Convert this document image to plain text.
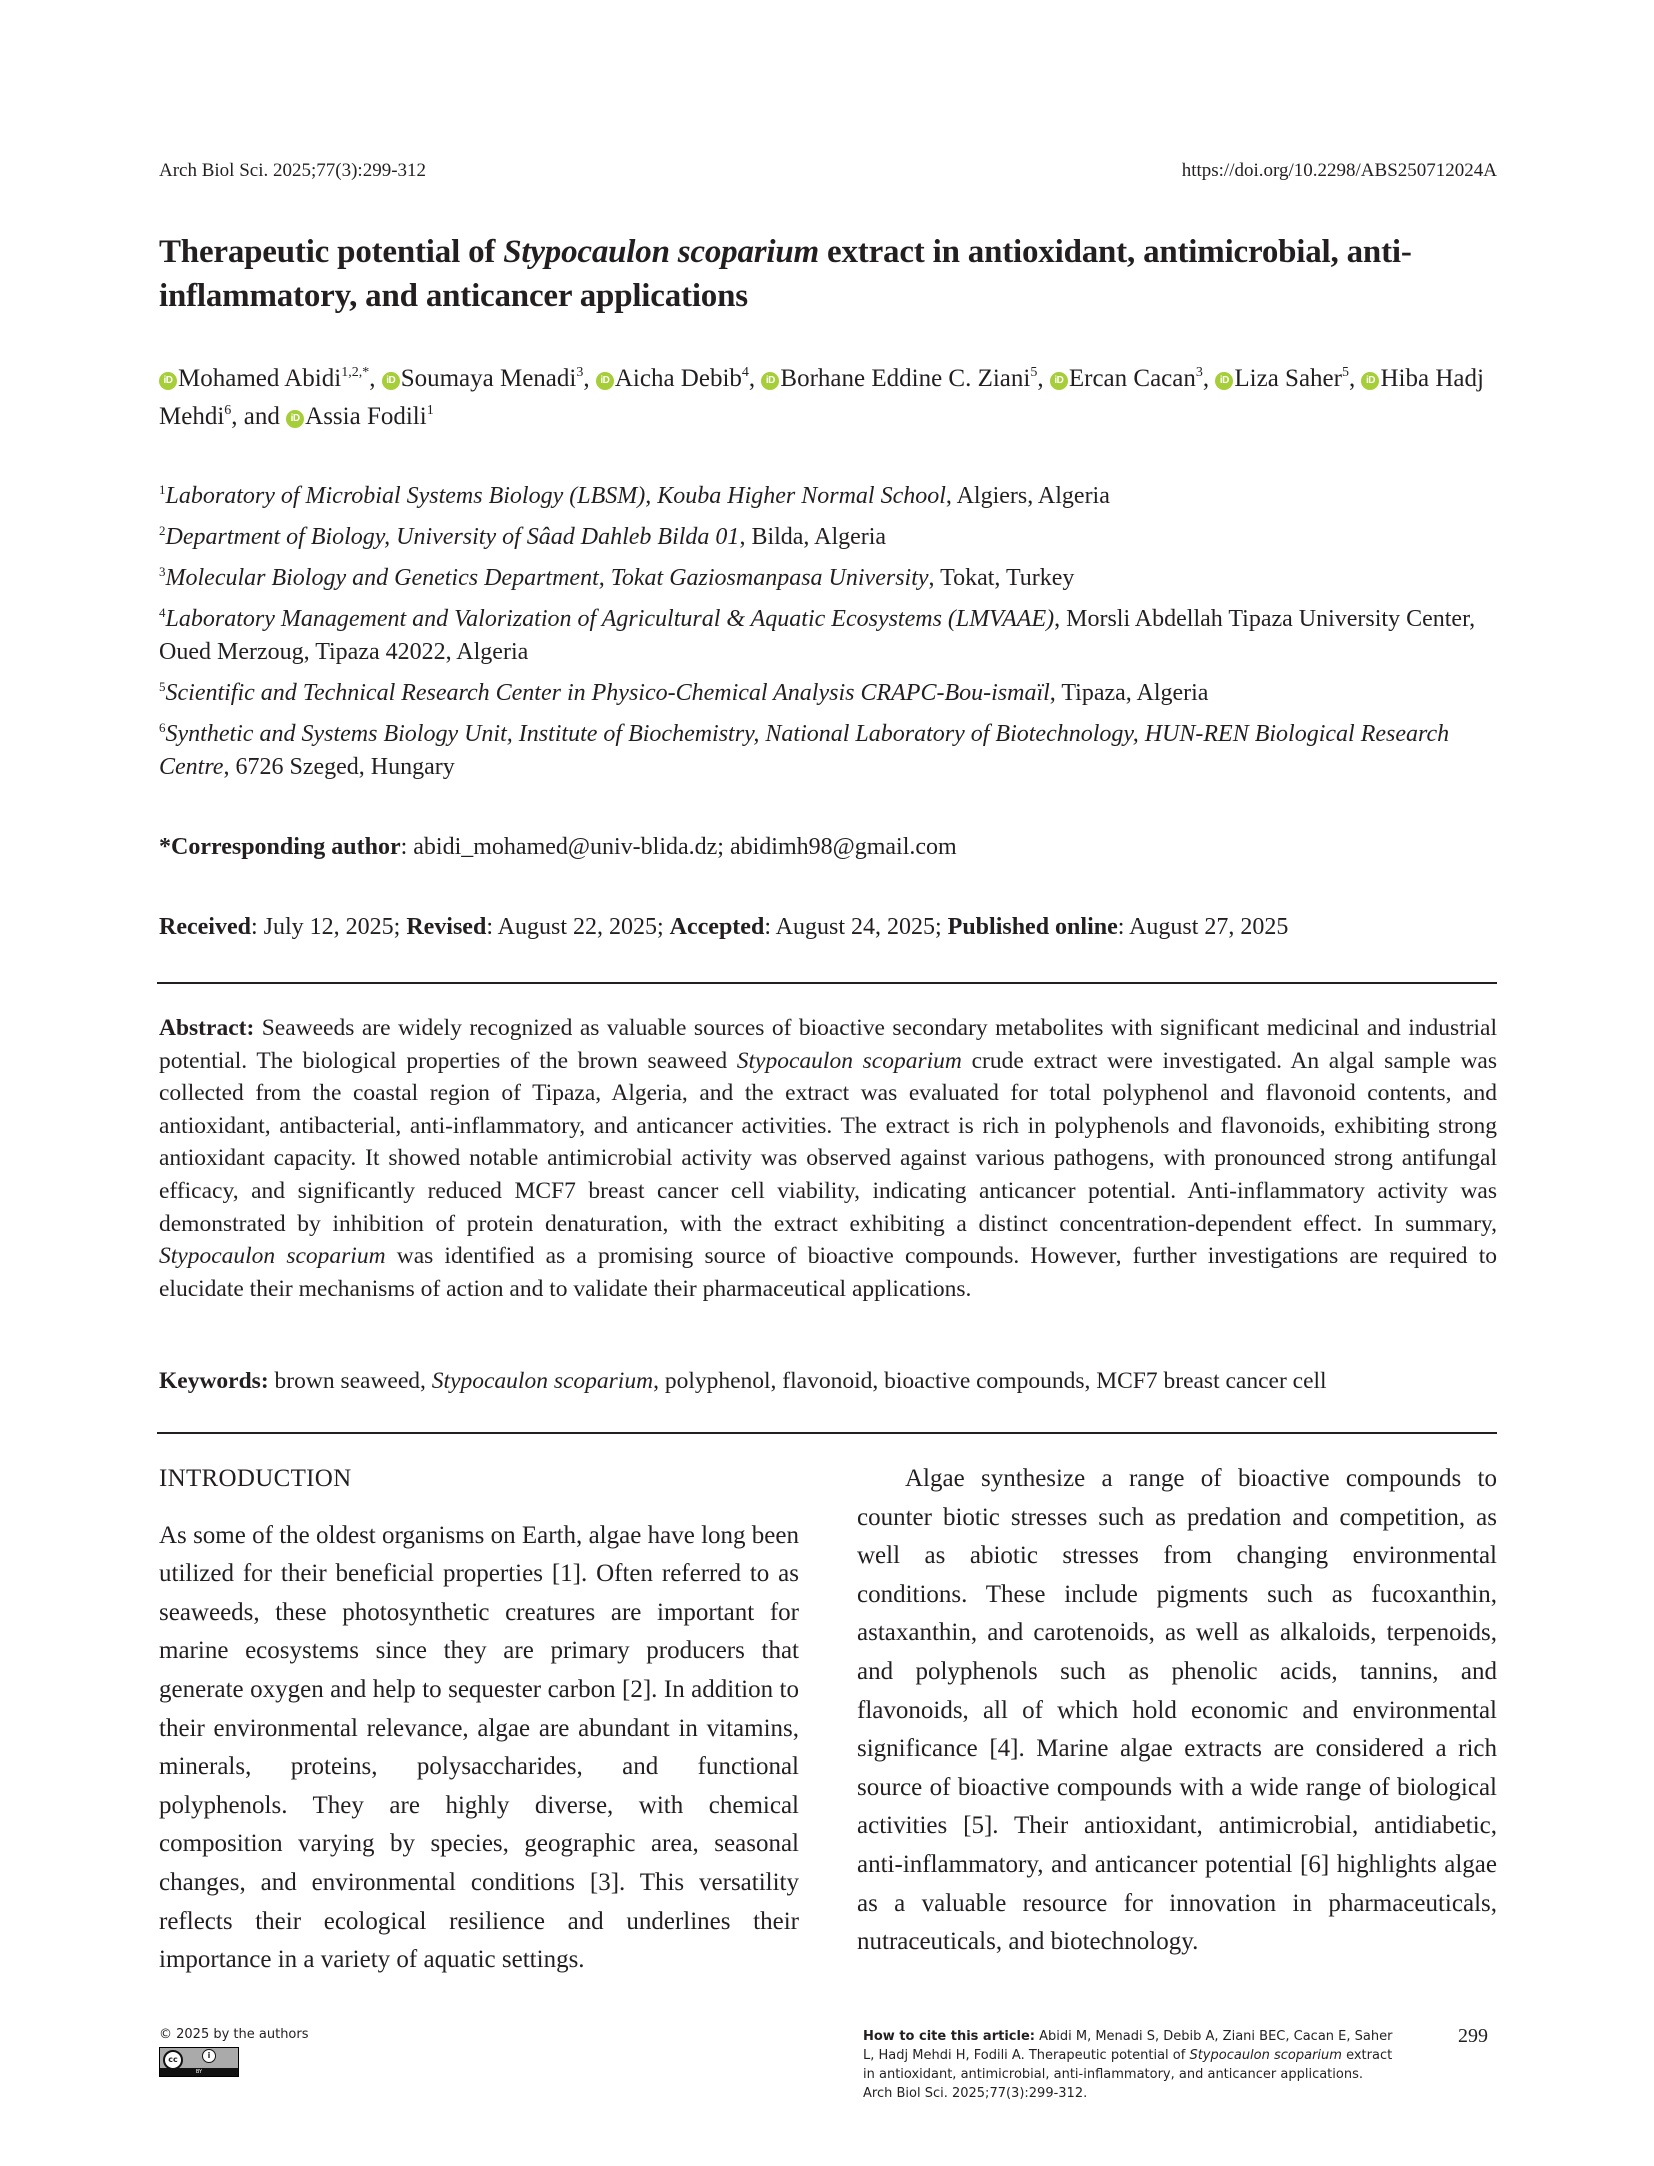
Arch Biol Sci. 2025;77(3):299-312	https://doi.org/10.2298/ABS250712024A
Therapeutic potential of Stypocaulon scoparium extract in antioxidant, antimicrobial, anti-inflammatory, and anticancer applications
iD Mohamed Abidi$^{1,2,*}$, iD Soumaya Menadi$^3$, iD Aicha Debib$^4$, iD Borhane Eddine C. Ziani$^5$, iD Ercan Cacan$^3$, iD Liza Saher$^5$, iD Hiba Hadj Mehdi$^6$, and iD Assia Fodili$^1$
$^1$Laboratory of Microbial Systems Biology (LBSM), Kouba Higher Normal School, Algiers, Algeria
$^2$Department of Biology, University of Sâad Dahleb Bilda 01, Bilda, Algeria
$^3$Molecular Biology and Genetics Department, Tokat Gaziosmanpasa University, Tokat, Turkey
$^4$Laboratory Management and Valorization of Agricultural & Aquatic Ecosystems (LMVAAE), Morsli Abdellah Tipaza University Center, Oued Merzoug, Tipaza 42022, Algeria
$^5$Scientific and Technical Research Center in Physico-Chemical Analysis CRAPC-Bou-ismaïl, Tipaza, Algeria
$^6$Synthetic and Systems Biology Unit, Institute of Biochemistry, National Laboratory of Biotechnology, HUN-REN Biological Research Centre, 6726 Szeged, Hungary
*Corresponding author: abidi_mohamed@univ-blida.dz; abidimh98@gmail.com
Received: July 12, 2025; Revised: August 22, 2025; Accepted: August 24, 2025; Published online: August 27, 2025
Abstract: Seaweeds are widely recognized as valuable sources of bioactive secondary metabolites with significant medicinal and industrial potential. The biological properties of the brown seaweed Stypocaulon scoparium crude extract were investigated. An algal sample was collected from the coastal region of Tipaza, Algeria, and the extract was evaluated for total polyphenol and flavonoid contents, and antioxidant, antibacterial, anti-inflammatory, and anticancer activities. The extract is rich in polyphenols and flavonoids, exhibiting strong antioxidant capacity. It showed notable antimicrobial activity was observed against various pathogens, with pronounced strong antifungal efficacy, and significantly reduced MCF7 breast cancer cell viability, indicating anticancer potential. Anti-inflammatory activity was demonstrated by inhibition of protein denaturation, with the extract exhibiting a distinct concentration-dependent effect. In summary, Stypocaulon scoparium was identified as a promising source of bioactive compounds. However, further investigations are required to elucidate their mechanisms of action and to validate their pharmaceutical applications.
Keywords: brown seaweed, Stypocaulon scoparium, polyphenol, flavonoid, bioactive compounds, MCF7 breast cancer cell
INTRODUCTION

As some of the oldest organisms on Earth, algae have long been utilized for their beneficial properties [1]. Often referred to as seaweeds, these photosynthetic creatures are important for marine ecosystems since they are primary producers that generate oxygen and help to sequester carbon [2]. In addition to their environmental relevance, algae are abundant in vitamins, minerals, proteins, polysaccharides, and functional polyphenols. They are highly diverse, with chemical composition varying by species, geographic area, seasonal changes, and environmental conditions [3]. This versatility reflects their ecological resilience and underlines their importance in a variety of aquatic settings.

Algae synthesize a range of bioactive compounds to counter biotic stresses such as predation and competition, as well as abiotic stresses from changing environmental conditions. These include pigments such as fucoxanthin, astaxanthin, and carotenoids, as well as alkaloids, terpenoids, and polyphenols such as phenolic acids, tannins, and flavonoids, all of which hold economic and environmental significance [4]. Marine algae extracts are considered a rich source of bioactive compounds with a wide range of biological activities [5]. Their antioxidant, antimicrobial, antidiabetic, anti-inflammatory, and anticancer potential [6] highlights algae as a valuable resource for innovation in pharmaceuticals, nutraceuticals, and biotechnology.

© 2025 by the authors
cc	i
BY
How to cite this article: Abidi M, Menadi S, Debib A, Ziani BEC, Cacan E, Saher L, Hadj Mehdi H, Fodili A. Therapeutic potential of Stypocaulon scoparium extract in antioxidant, antimicrobial, anti-inflammatory, and anticancer applications. Arch Biol Sci. 2025;77(3):299-312.
299
